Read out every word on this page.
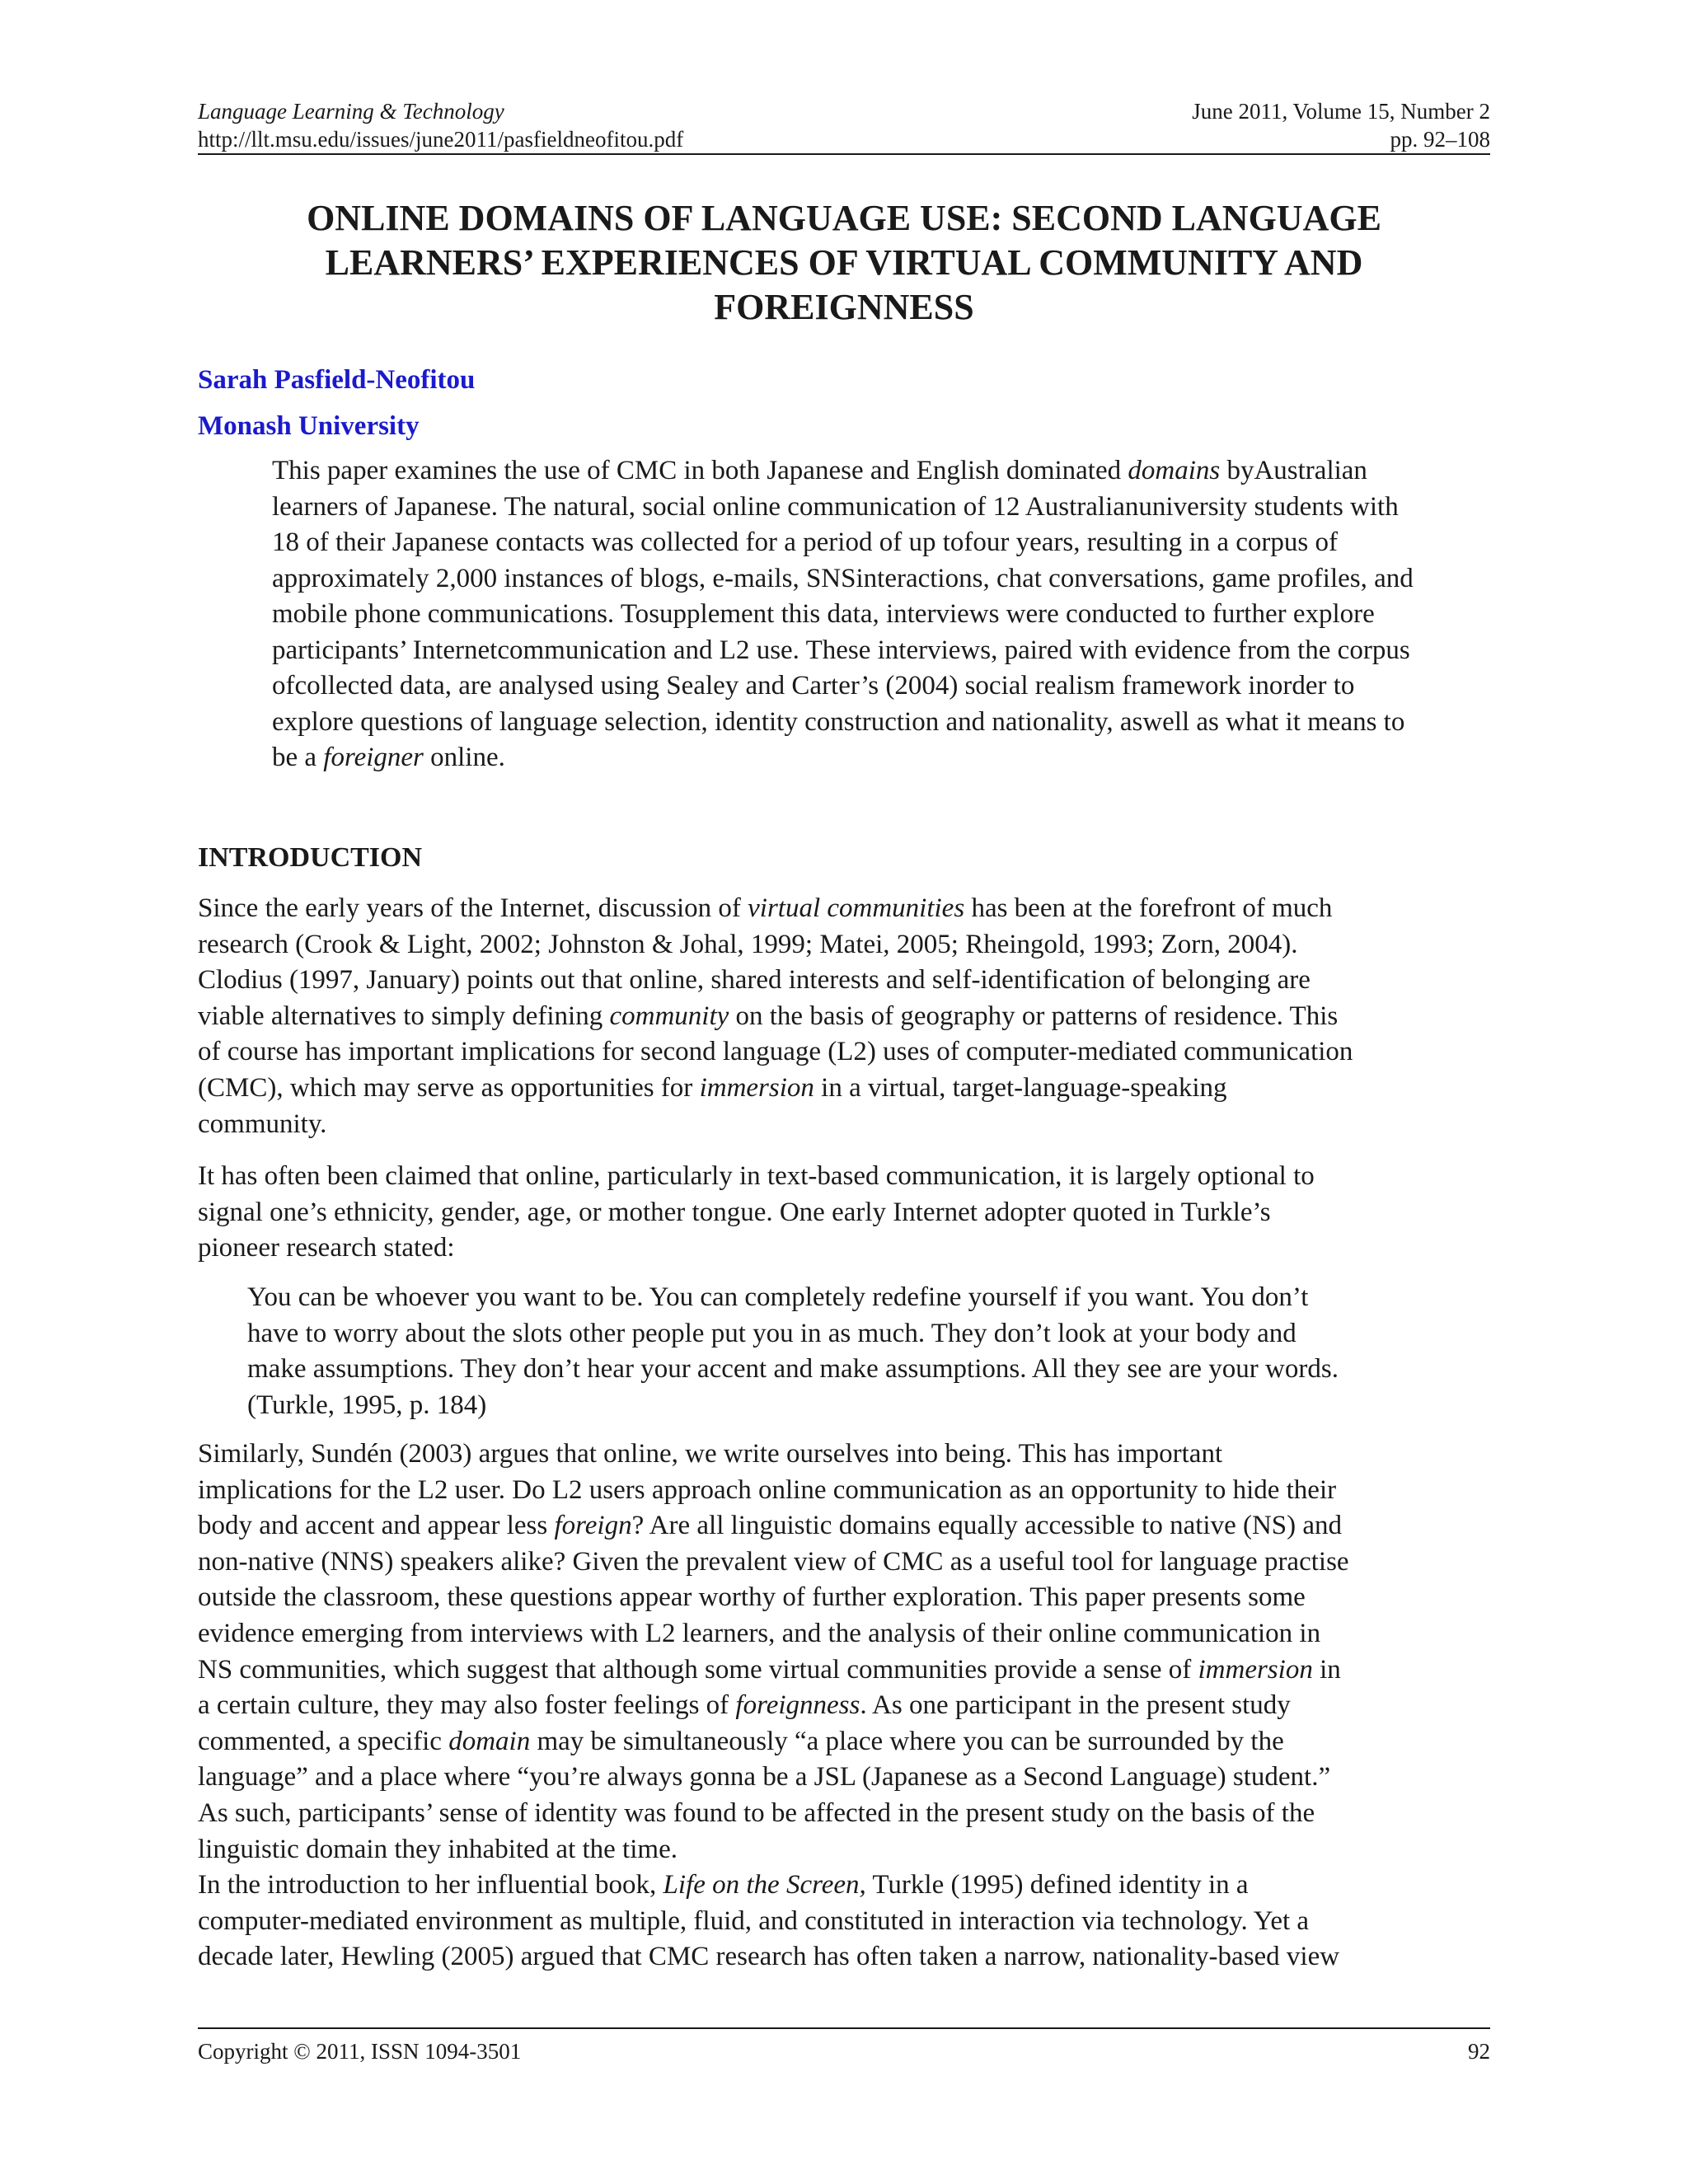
Language Learning & Technology	June 2011, Volume 15, Number 2
http://llt.msu.edu/issues/june2011/pasfieldneofitou.pdf	pp. 92–108
ONLINE DOMAINS OF LANGUAGE USE: SECOND LANGUAGE
LEARNERS’ EXPERIENCES OF VIRTUAL COMMUNITY AND
FOREIGNNESS
Sarah Pasfield-Neofitou
Monash University
This paper examines the use of CMC in both Japanese and English dominated domains byAustralian learners of Japanese. The natural, social online communication of 12 Australianuniversity students with 18 of their Japanese contacts was collected for a period of up tofour years, resulting in a corpus of approximately 2,000 instances of blogs, e-mails, SNSinteractions, chat conversations, game profiles, and mobile phone communications. Tosupplement this data, interviews were conducted to further explore participants’ Internetcommunication and L2 use. These interviews, paired with evidence from the corpus ofcollected data, are analysed using Sealey and Carter’s (2004) social realism framework inorder to explore questions of language selection, identity construction and nationality, aswell as what it means to be a foreigner online.
INTRODUCTION
Since the early years of the Internet, discussion of virtual communities has been at the forefront of much
research (Crook & Light, 2002; Johnston & Johal, 1999; Matei, 2005; Rheingold, 1993; Zorn, 2004).
Clodius (1997, January) points out that online, shared interests and self-identification of belonging are
viable alternatives to simply defining community on the basis of geography or patterns of residence. This
of course has important implications for second language (L2) uses of computer-mediated communication
(CMC), which may serve as opportunities for immersion in a virtual, target-language-speaking
community.
It has often been claimed that online, particularly in text-based communication, it is largely optional to
signal one’s ethnicity, gender, age, or mother tongue. One early Internet adopter quoted in Turkle’s
pioneer research stated:
You can be whoever you want to be. You can completely redefine yourself if you want. You don’t
have to worry about the slots other people put you in as much. They don’t look at your body and
make assumptions. They don’t hear your accent and make assumptions. All they see are your words.
(Turkle, 1995, p. 184)
Similarly, Sundén (2003) argues that online, we write ourselves into being. This has important
implications for the L2 user. Do L2 users approach online communication as an opportunity to hide their
body and accent and appear less foreign? Are all linguistic domains equally accessible to native (NS) and
non-native (NNS) speakers alike? Given the prevalent view of CMC as a useful tool for language practise
outside the classroom, these questions appear worthy of further exploration. This paper presents some
evidence emerging from interviews with L2 learners, and the analysis of their online communication in
NS communities, which suggest that although some virtual communities provide a sense of immersion in
a certain culture, they may also foster feelings of foreignness. As one participant in the present study
commented, a specific domain may be simultaneously “a place where you can be surrounded by the
language” and a place where “you’re always gonna be a JSL (Japanese as a Second Language) student.”
As such, participants’ sense of identity was found to be affected in the present study on the basis of the
linguistic domain they inhabited at the time.
In the introduction to her influential book, Life on the Screen, Turkle (1995) defined identity in a
computer-mediated environment as multiple, fluid, and constituted in interaction via technology. Yet a
decade later, Hewling (2005) argued that CMC research has often taken a narrow, nationality-based view
Copyright © 2011, ISSN 1094-3501	92
